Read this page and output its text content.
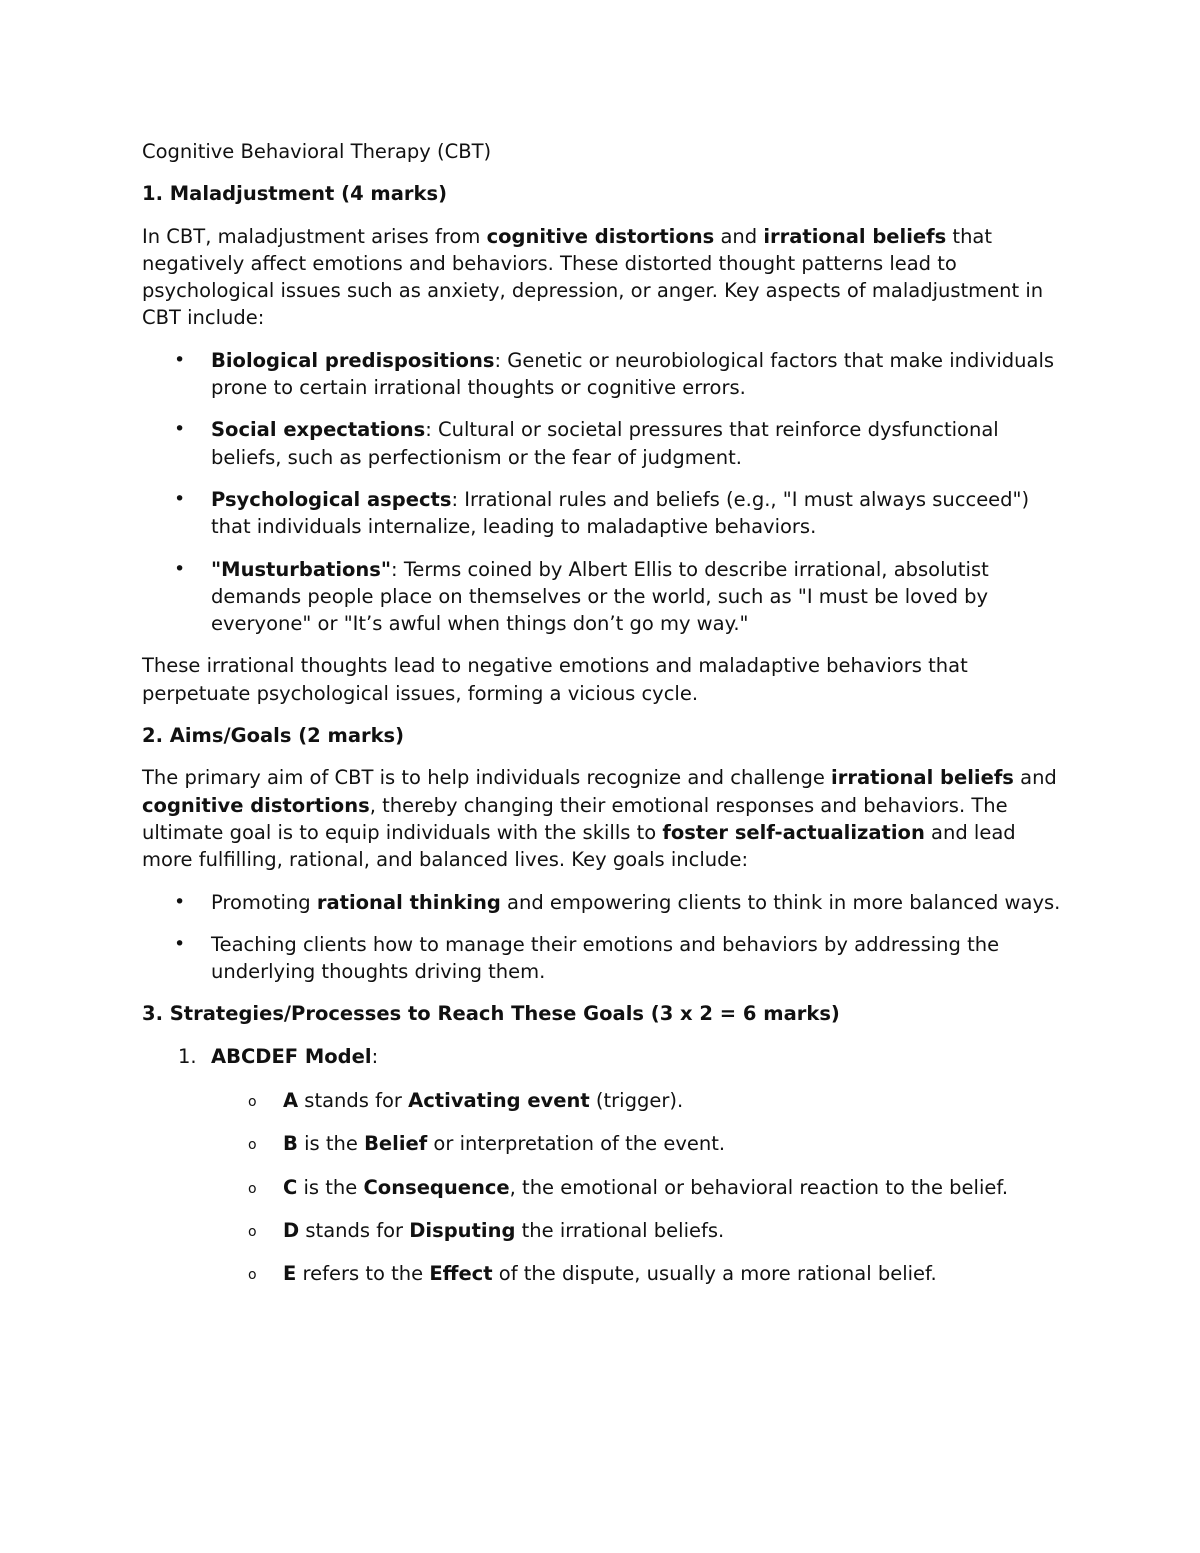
Cognitive Behavioral Therapy (CBT)

1. Maladjustment (4 marks)

In CBT, maladjustment arises from cognitive distortions and irrational beliefs that negatively affect emotions and behaviors. These distorted thought patterns lead to psychological issues such as anxiety, depression, or anger. Key aspects of maladjustment in CBT include:

• Biological predispositions: Genetic or neurobiological factors that make individuals prone to certain irrational thoughts or cognitive errors.
• Social expectations: Cultural or societal pressures that reinforce dysfunctional beliefs, such as perfectionism or the fear of judgment.
• Psychological aspects: Irrational rules and beliefs (e.g., "I must always succeed") that individuals internalize, leading to maladaptive behaviors.
• "Musturbations": Terms coined by Albert Ellis to describe irrational, absolutist demands people place on themselves or the world, such as "I must be loved by everyone" or "It’s awful when things don’t go my way."

These irrational thoughts lead to negative emotions and maladaptive behaviors that perpetuate psychological issues, forming a vicious cycle.

2. Aims/Goals (2 marks)

The primary aim of CBT is to help individuals recognize and challenge irrational beliefs and cognitive distortions, thereby changing their emotional responses and behaviors. The ultimate goal is to equip individuals with the skills to foster self-actualization and lead more fulfilling, rational, and balanced lives. Key goals include:

• Promoting rational thinking and empowering clients to think in more balanced ways.
• Teaching clients how to manage their emotions and behaviors by addressing the underlying thoughts driving them.

3. Strategies/Processes to Reach These Goals (3 x 2 = 6 marks)

1. ABCDEF Model:
o A stands for Activating event (trigger).
o B is the Belief or interpretation of the event.
o C is the Consequence, the emotional or behavioral reaction to the belief.
o D stands for Disputing the irrational beliefs.
o E refers to the Effect of the dispute, usually a more rational belief.
